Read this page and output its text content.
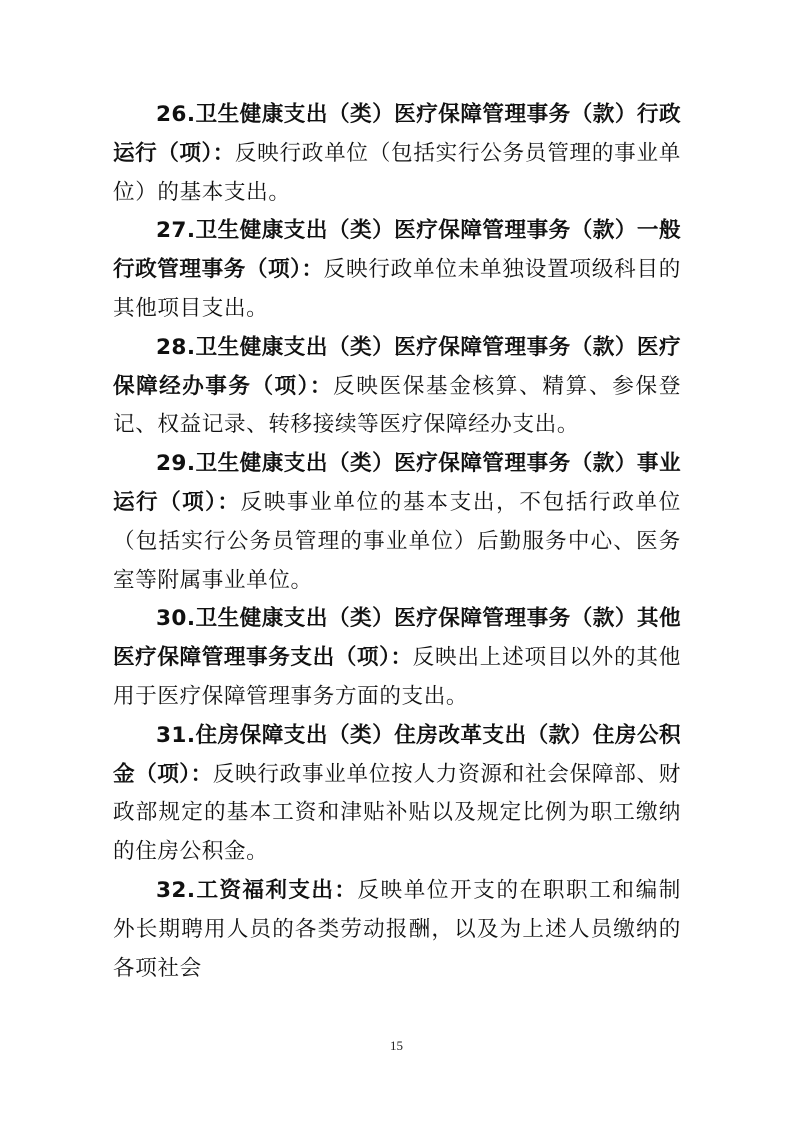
26.卫生健康支出（类）医疗保障管理事务（款）行政运行（项）：反映行政单位（包括实行公务员管理的事业单位）的基本支出。

27.卫生健康支出（类）医疗保障管理事务（款）一般行政管理事务（项）：反映行政单位未单独设置项级科目的其他项目支出。

28.卫生健康支出（类）医疗保障管理事务（款）医疗保障经办事务（项）：反映医保基金核算、精算、参保登记、权益记录、转移接续等医疗保障经办支出。

29.卫生健康支出（类）医疗保障管理事务（款）事业运行（项）：反映事业单位的基本支出，不包括行政单位（包括实行公务员管理的事业单位）后勤服务中心、医务室等附属事业单位。

30.卫生健康支出（类）医疗保障管理事务（款）其他医疗保障管理事务支出（项）：反映出上述项目以外的其他用于医疗保障管理事务方面的支出。

31.住房保障支出（类）住房改革支出（款）住房公积金（项）：反映行政事业单位按人力资源和社会保障部、财政部规定的基本工资和津贴补贴以及规定比例为职工缴纳的住房公积金。

32.工资福利支出：反映单位开支的在职职工和编制外长期聘用人员的各类劳动报酬，以及为上述人员缴纳的各项社会

15
